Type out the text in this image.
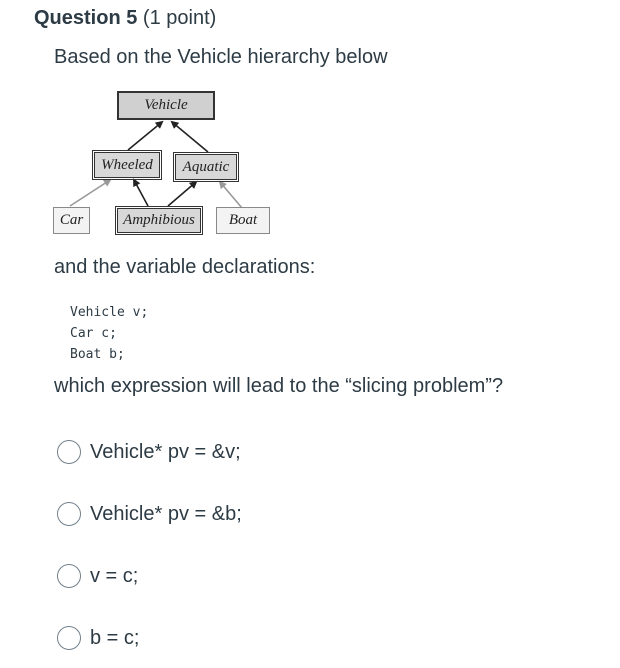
Question 5 (1 point)
Based on the Vehicle hierarchy below
Vehicle
Wheeled	Aquatic
Car	Amphibious	Boat
and the variable declarations:
Vehicle v;
Car c;
Boat b;
which expression will lead to the “slicing problem”?
Vehicle* pv = &v;
Vehicle* pv = &b;
v = c;
b = c;
